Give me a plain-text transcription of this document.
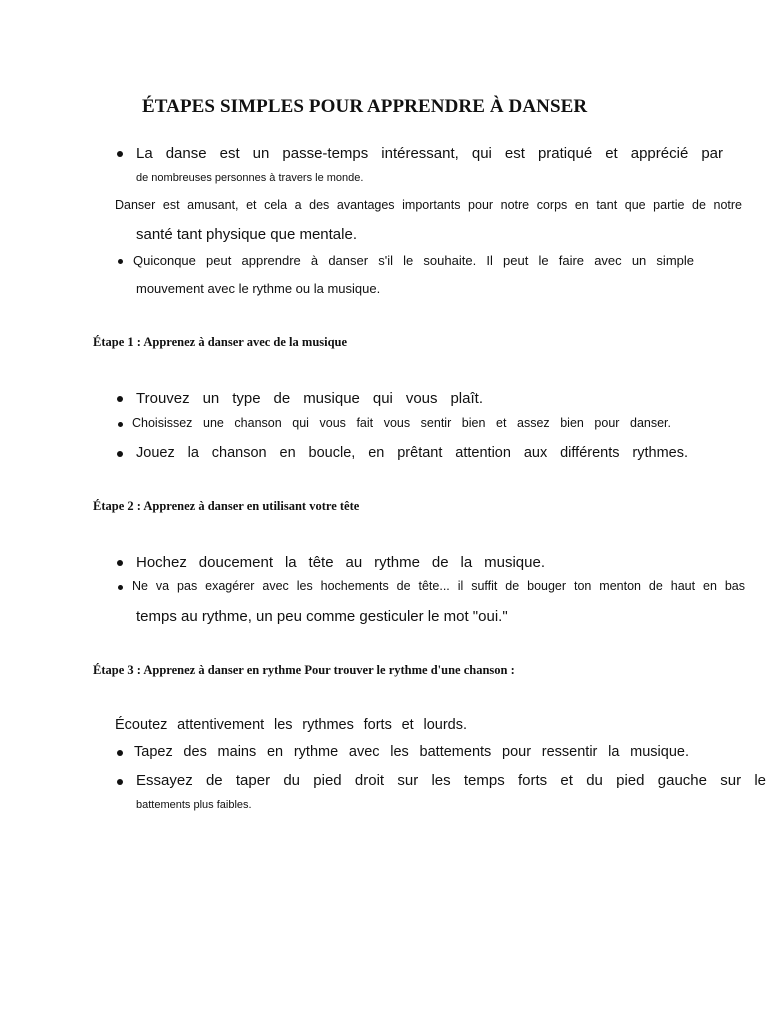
ÉTAPES SIMPLES POUR APPRENDRE À DANSER
La danse est un passe-temps intéressant, qui est pratiqué et apprécié par
de nombreuses personnes à travers le monde.
Danser est amusant, et cela a des avantages importants pour notre corps en tant que partie de notre
santé tant physique que mentale.
Quiconque peut apprendre à danser s'il le souhaite. Il peut le faire avec un simple
mouvement avec le rythme ou la musique.
Étape 1 : Apprenez à danser avec de la musique
Trouvez un type de musique qui vous plaît.
Choisissez une chanson qui vous fait vous sentir bien et assez bien pour danser.
Jouez la chanson en boucle, en prêtant attention aux différents rythmes.
Étape 2 : Apprenez à danser en utilisant votre tête
Hochez doucement la tête au rythme de la musique.
Ne va pas exagérer avec les hochements de tête... il suffit de bouger ton menton de haut en bas
temps au rythme, un peu comme gesticuler le mot "oui."
Étape 3 : Apprenez à danser en rythme Pour trouver le rythme d'une chanson :
Écoutez attentivement les rythmes forts et lourds.
Tapez des mains en rythme avec les battements pour ressentir la musique.
Essayez de taper du pied droit sur les temps forts et du pied gauche sur le
battements plus faibles.
